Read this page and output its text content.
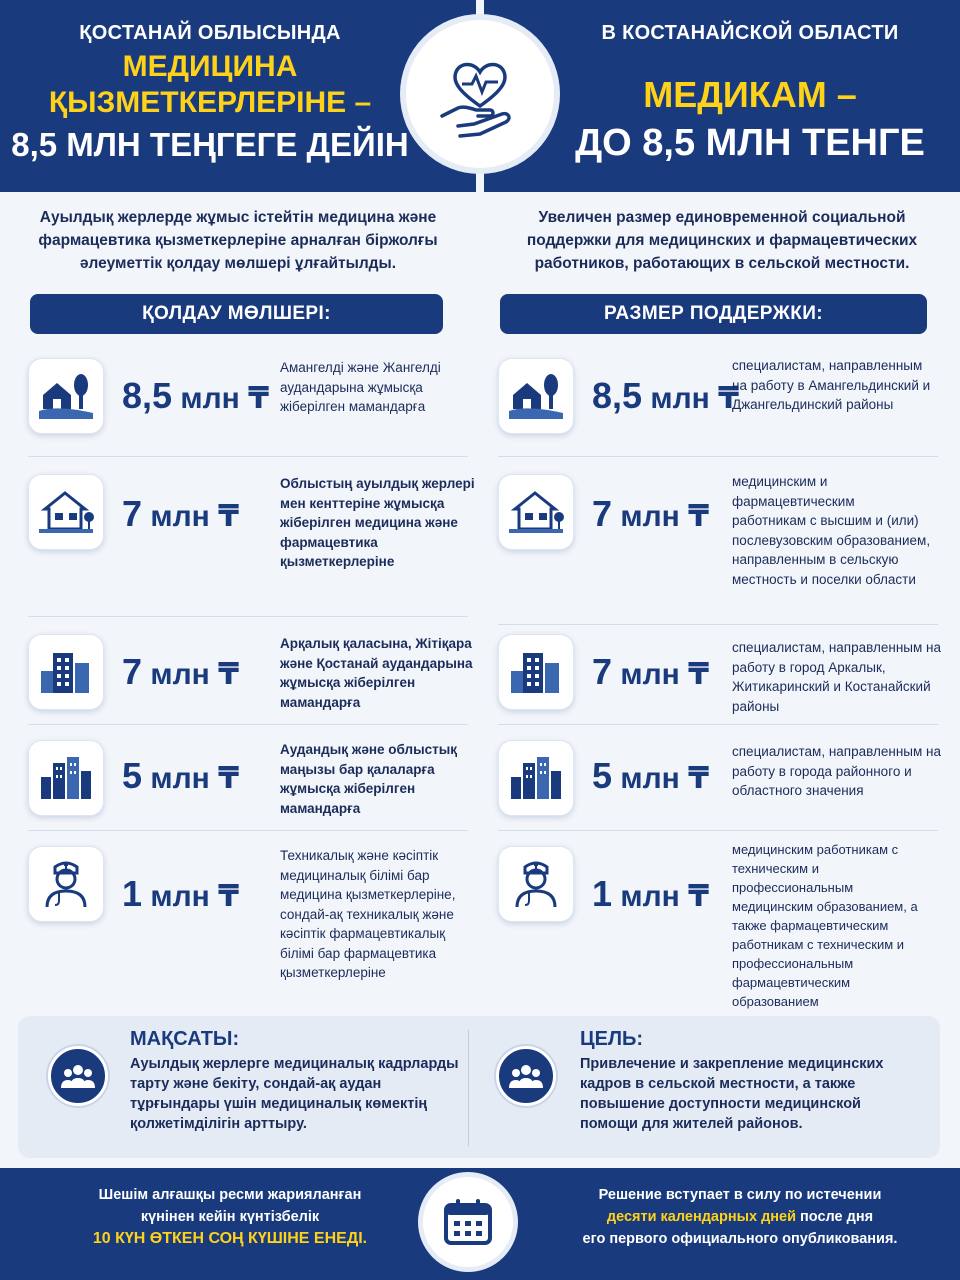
ҚОСТАНАЙ ОБЛЫСЫНДА
МЕДИЦИНА
ҚЫЗМЕТКЕРЛЕРІНЕ –
8,5 МЛН ТЕҢГЕГЕ ДЕЙІН
В КОСТАНАЙСКОЙ ОБЛАСТИ
МЕДИКАМ –
ДО 8,5 МЛН ТЕНГЕ
Ауылдық жерлерде жұмыс істейтін медицина және фармацевтика қызметкерлеріне арналған біржолғы әлеуметтік қолдау мөлшері ұлғайтылды.
Увеличен размер единовременной социальной поддержки для медицинских и фармацевтических работников, работающих в сельской местности.
ҚОЛДАУ МӨЛШЕРІ:	РАЗМЕР ПОДДЕРЖКИ:
8,5 млн ₸
Амангелді және Жангелді аудандарына жұмысқа жіберілген мамандарға
7 млн ₸
Облыстың ауылдық жерлері мен кенттеріне жұмысқа жіберілген медицина және фармацевтика қызметкерлеріне
7 млн ₸
Арқалық қаласына, Жітіқара және Қостанай аудандарына жұмысқа жіберілген мамандарға
5 млн ₸
Аудандық және облыстық маңызы бар қалаларға жұмысқа жіберілген мамандарға
1 млн ₸
Техникалық және кәсіптік медициналық білімі бар медицина қызметкерлеріне, сондай-ақ техникалық және кәсіптік фармацевтикалық білімі бар фармацевтика қызметкерлеріне
8,5 млн ₸
специалистам, направленным на работу в Амангельдинский и Джангельдинский районы
7 млн ₸
медицинским и фармацевтическим работникам с высшим и (или) послевузовским образованием, направленным в сельскую местность и поселки области
7 млн ₸
специалистам, направленным на работу в город Аркалык, Житикаринский и Костанайский районы
5 млн ₸
специалистам, направленным на работу в города районного и областного значения
1 млн ₸
медицинским работникам с техническим и профессиональным медицинским образованием, а также фармацевтическим работникам с техническим и профессиональным фармацевтическим образованием
МАҚСАТЫ:
Ауылдық жерлерге медициналық кадрларды тарту және бекіту, сондай-ақ аудан тұрғындары үшін медициналық көмектің қолжетімділігін арттыру.
ЦЕЛЬ:
Привлечение и закрепление медицинских кадров в сельской местности, а также повышение доступности медицинской помощи для жителей районов.
Шешім алғашқы ресми жарияланған
күнінен кейін күнтізбелік
10 КҮН ӨТКЕН СОҢ КҮШІНЕ ЕНЕДІ.
Решение вступает в силу по истечении
десяти календарных дней после дня
его первого официального опубликования.
